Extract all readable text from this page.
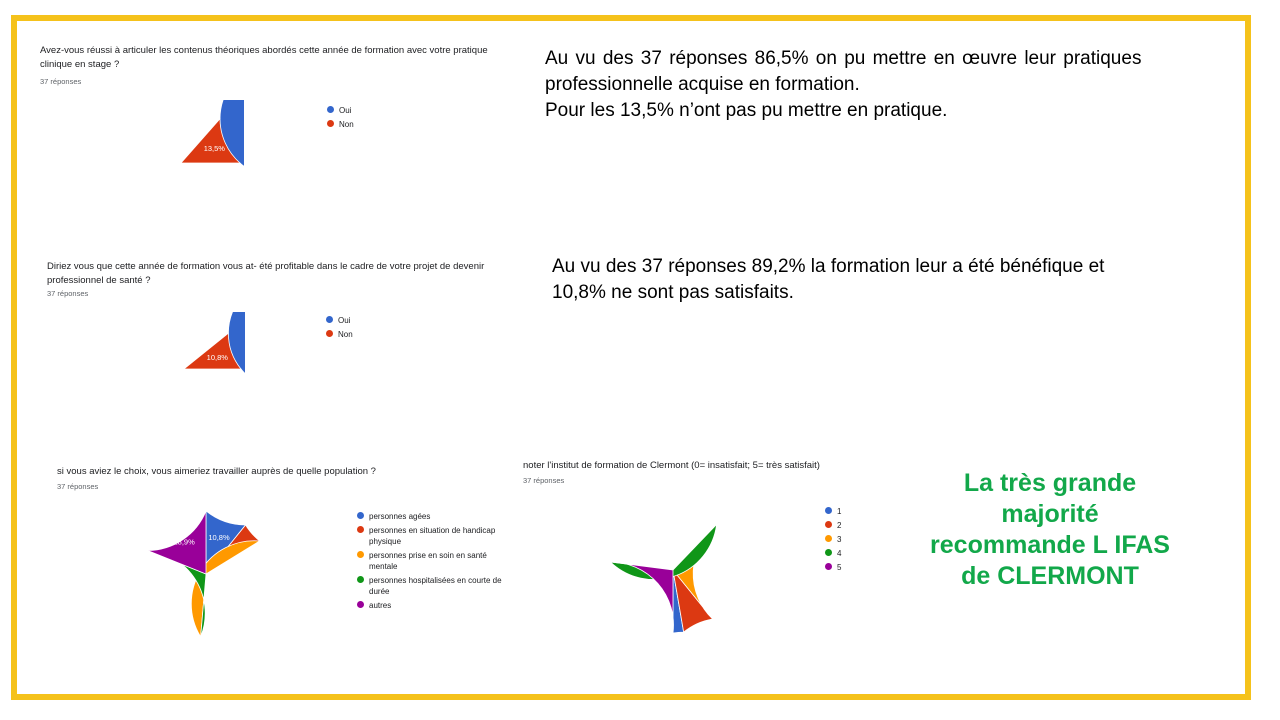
Avez-vous réussi à articuler les contenus théoriques abordés cette année de formation avec votre pratique clinique en stage ?
37 réponses
86,5%
13,5%
Oui
Non
Diriez vous que cette année de formation vous at- été profitable dans le cadre de votre projet de devenir professionnel de santé ?
37 réponses
89,2%
10,8%
Oui
Non
si vous aviez le choix, vous aimeriez travailler auprès de quelle population ?
37 réponses
10,8%
35,1%
29,7%
18,9%
personnes agées
personnes en situation de handicap physique
personnes prise en soin en santé mentale
personnes hospitalisées en courte de durée
autres
noter l'institut de formation de Clermont (0= insatisfait; 5= très satisfait)
37 réponses
27%
35,1%
27%
1
2
3
4
5
Au vu des 37 réponses 86,5% on pu mettre en œuvre leur pratiques
professionnelle acquise en formation.
Pour les 13,5% n’ont pas pu mettre en pratique.
Au vu des 37 réponses 89,2% la formation leur a été bénéfique et
10,8% ne sont pas satisfaits.
La très grande
majorité
recommande L IFAS
de CLERMONT
